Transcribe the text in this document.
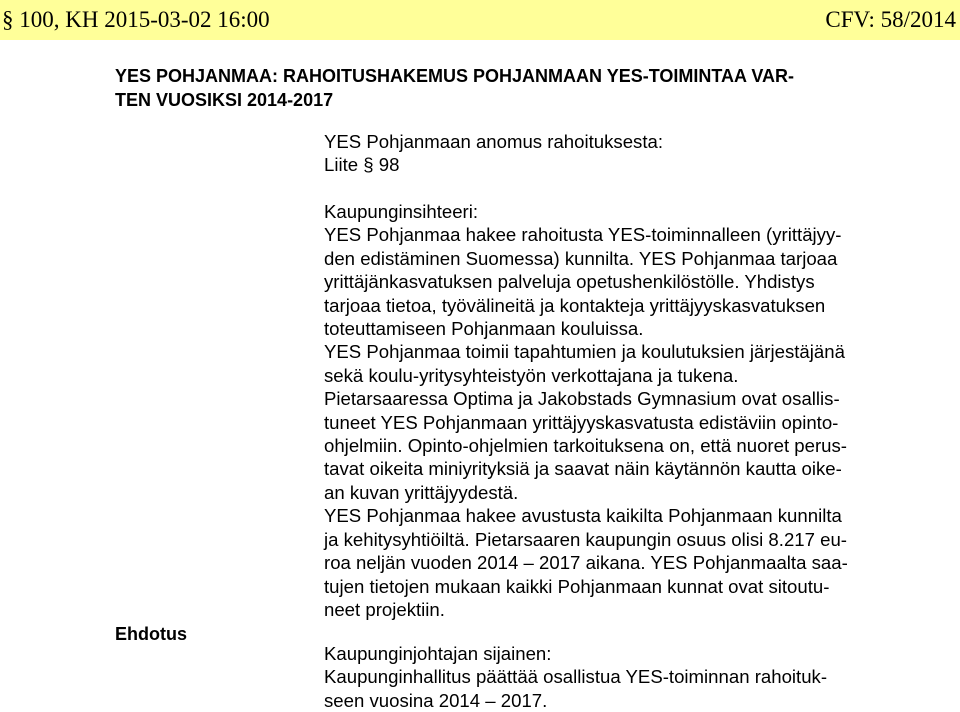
§ 100, KH 2015-03-02 16:00	CFV: 58/2014
YES POHJANMAA: RAHOITUSHAKEMUS POHJANMAAN YES-TOIMINTAA VAR-
TEN VUOSIKSI 2014-2017
YES Pohjanmaan anomus rahoituksesta:
Liite § 98
Kaupunginsihteeri:
YES Pohjanmaa hakee rahoitusta YES-toiminnalleen (yrittäjyy-
den edistäminen Suomessa) kunnilta. YES Pohjanmaa tarjoaa
yrittäjänkasvatuksen palveluja opetushenkilöstölle. Yhdistys
tarjoaa tietoa, työvälineitä ja kontakteja yrittäjyyskasvatuksen
toteuttamiseen Pohjanmaan kouluissa.
YES Pohjanmaa toimii tapahtumien ja koulutuksien järjestäjänä
sekä koulu-yritysyhteistyön verkottajana ja tukena.
Pietarsaaressa Optima ja Jakobstads Gymnasium ovat osallis-
tuneet YES Pohjanmaan yrittäjyyskasvatusta edistäviin opinto-
ohjelmiin. Opinto-ohjelmien tarkoituksena on, että nuoret perus-
tavat oikeita miniyrityksiä ja saavat näin käytännön kautta oike-
an kuvan yrittäjyydestä.
YES Pohjanmaa hakee avustusta kaikilta Pohjanmaan kunnilta
ja kehitysyhtiöiltä. Pietarsaaren kaupungin osuus olisi 8.217 eu-
roa neljän vuoden 2014 – 2017 aikana. YES Pohjanmaalta saa-
tujen tietojen mukaan kaikki Pohjanmaan kunnat ovat sitoutu-
neet projektiin.
Ehdotus
Kaupunginjohtajan sijainen:
Kaupunginhallitus päättää osallistua YES-toiminnan rahoituk-
seen vuosina 2014 – 2017.
